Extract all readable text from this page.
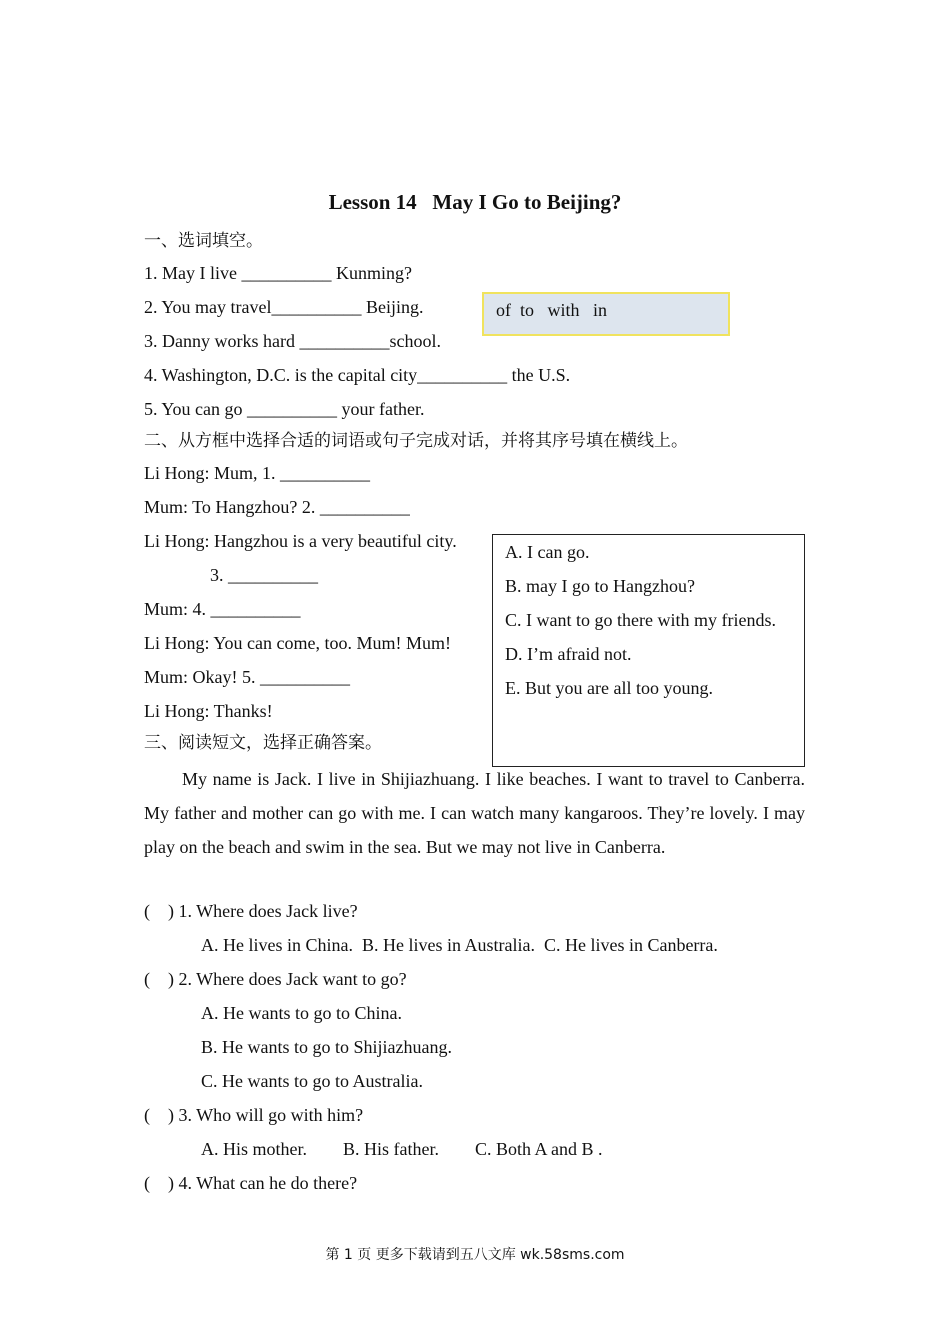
Lesson 14   May I Go to Beijing?
一、选词填空。
1. May I live __________ Kunming?
2. You may travel__________ Beijing.
3. Danny works hard __________school.
4. Washington, D.C. is the capital city__________ the U.S.
5. You can go __________ your father.
of  to   with   in
二、从方框中选择合适的词语或句子完成对话，并将其序号填在横线上。
Li Hong: Mum, 1. __________
Mum: To Hangzhou? 2. __________
Li Hong: Hangzhou is a very beautiful city.
3. __________
Mum: 4. __________
Li Hong: You can come, too. Mum! Mum!
Mum: Okay! 5. __________
Li Hong: Thanks!
A. I can go.
B. may I go to Hangzhou?
C. I want to go there with my friends.
D. I’m afraid not.
E. But you are all too young.
三、阅读短文，选择正确答案。
My name is Jack. I live in Shijiazhuang. I like beaches. I want to travel to Canberra. My father and mother can go with me. I can watch many kangaroos. They’re lovely. I may play on the beach and swim in the sea. But we may not live in Canberra.
(    ) 1. Where does Jack live?
A. He lives in China.  B. He lives in Australia.  C. He lives in Canberra.
(    ) 2. Where does Jack want to go?
A. He wants to go to China.
B. He wants to go to Shijiazhuang.
C. He wants to go to Australia.
(    ) 3. Who will go with him?
A. His mother.        B. His father.        C. Both A and B .
(    ) 4. What can he do there?
第 1 页 更多下载请到五八文库 wk.58sms.com
